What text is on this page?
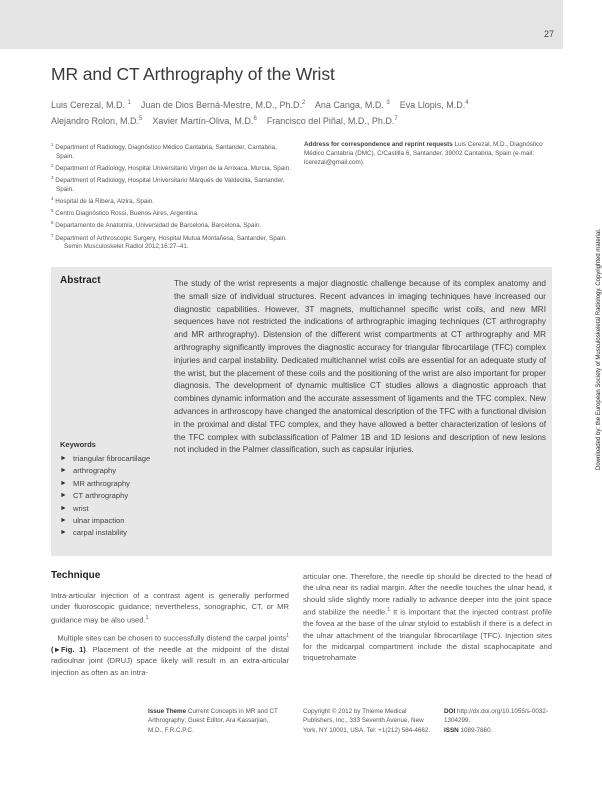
27
MR and CT Arthrography of the Wrist
Luis Cerezal, M.D. $^1$ Juan de Dios Berná-Mestre, M.D., Ph.D.$^2$ Ana Canga, M.D. $^3$ Eva Llopis, M.D.$^4$
Alejandro Rolon, M.D.$^5$ Xavier Martín-Oliva, M.D.$^6$ Francisco del Piñal, M.D., Ph.D.$^7$
$^1$ Department of Radiology, Diagnóstico Médico Cantabria, Santander, Cantabria, Spain.
$^2$ Department of Radiology, Hospital Universitario Virgen de la Arrixaca, Murcia, Spain.
$^3$ Department of Radiology, Hospital Universitario Márqués de Valdecilla, Santander, Spain.
$^4$ Hospital de la Ribera, Alzira, Spain.
$^5$ Centro Diagnóstico Rossi, Buenos Aires, Argentina.
$^6$ Departamento de Anatomía, Universidad de Barcelona, Barcelona, Spain.
$^7$ Department of Arthroscopic Surgery, Hospital Mutua Montañesa, Santander, Spain.
Address for correspondence and reprint requests Luis Cerezal, M.D., Diagnóstico Médico Cantabria (DMC), C/Castilla 6, Santander, 39002 Cantabria, Spain (e-mail: lcerezal@gmail.com).
Semin Musculoskelet Radiol 2012;16:27–41.
Abstract	The study of the wrist represents a major diagnostic challenge because of its complex anatomy and the small size of individual structures. Recent advances in imaging techniques have increased our diagnostic capabilities. However, 3T magnets, multichannel specific wrist coils, and new MRI sequences have not restricted the indications of arthrographic imaging techniques (CT arthrography and MR arthrography). Distension of the different wrist compartments at CT arthrography and MR arthrography significantly improves the diagnostic accuracy for triangular fibrocartilage (TFC) complex injuries and carpal instability. Dedicated multichannel wrist coils are essential for an adequate study of the wrist, but the placement of these coils and the positioning of the wrist are also important for proper diagnosis. The development of dynamic multislice CT studies allows a diagnostic approach that combines dynamic information and the accurate assessment of ligaments and the TFC complex. New advances in arthroscopy have changed the anatomical description of the TFC with a functional division in the proximal and distal TFC complex, and they have allowed a better characterization of lesions of the TFC complex with subclassification of Palmer 1B and 1D lesions and description of new lesions not included in the Palmer classification, such as capsular injuries.
Keywords
► triangular fibrocartilage
► arthrography
► MR arthrography
► CT arthrography
► wrist
► ulnar impaction
► carpal instability
Technique

Intra-articular injection of a contrast agent is generally performed under fluoroscopic guidance; nevertheless, sonographic, CT, or MR guidance may be also used.$^1$

Multiple sites can be chosen to successfully distend the carpal joints$^1$ (►Fig. 1). Placement of the needle at the midpoint of the distal radioulnar joint (DRUJ) space likely will result in an extra-articular injection as often as an intra-

articular one. Therefore, the needle tip should be directed to the head of the ulna near its radial margin. After the needle touches the ulnar head, it should slide slightly more radially to advance deeper into the joint space and stabilize the needle.$^1$ It is important that the injected contrast profile the fovea at the base of the ulnar styloid to establish if there is a defect in the ulnar attachment of the triangular fibrocartilage (TFC). Injection sites for the midcarpal compartment include the distal scaphocapitate and triquetrohamate

Issue Theme Current Concepts in MR and CT Arthrography; Guest Editor, Ara Kassarjian, M.D., F.R.C.P.C.
Copyright © 2012 by Thieme Medical Publishers, Inc., 333 Seventh Avenue, New York, NY 10001, USA. Tel: +1(212) 584-4662.
DOI http://dx.doi.org/10.1055/s-0032-1304299.
ISSN 1089-7860.
Downloaded by: the European Society of Musculoskeletal Radiology. Copyrighted material.
